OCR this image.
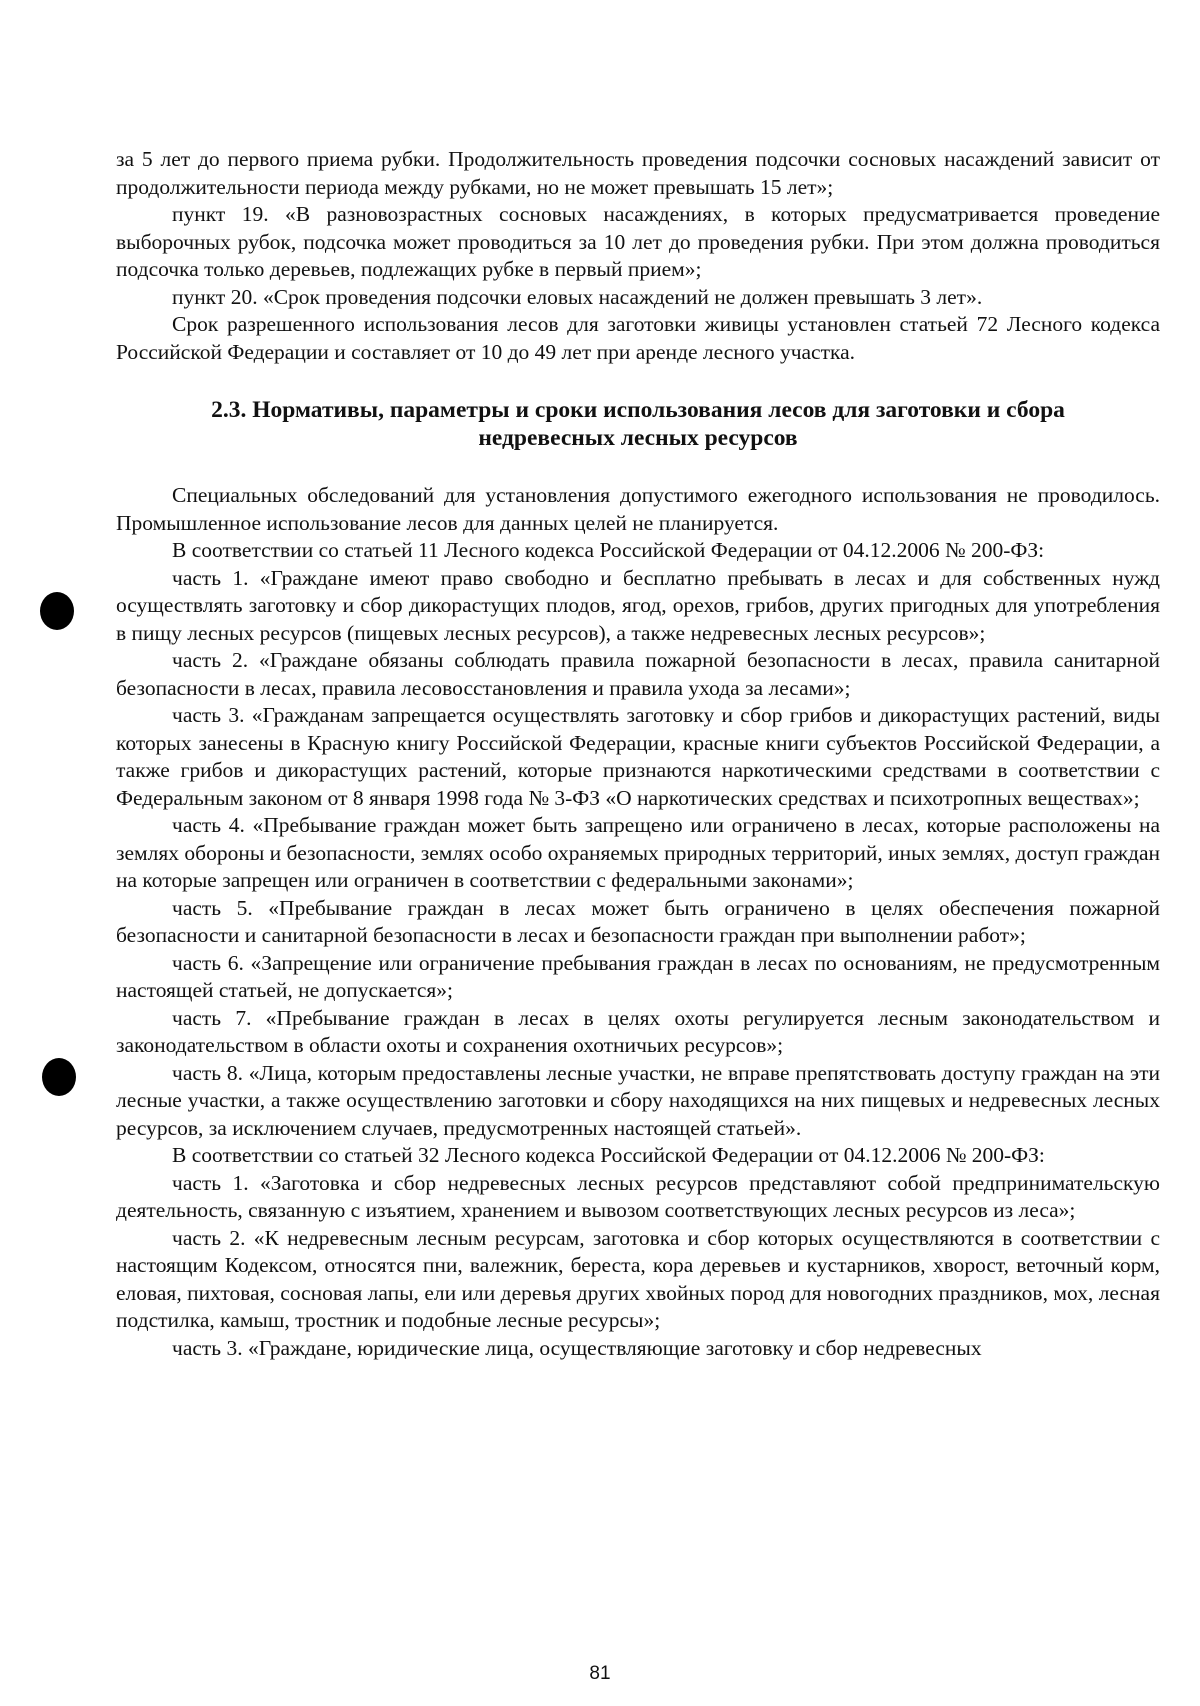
за 5 лет до первого приема рубки. Продолжительность проведения подсочки сосновых насаждений зависит от продолжительности периода между рубками, но не может превышать 15 лет»;

пункт 19. «В разновозрастных сосновых насаждениях, в которых предусматривается проведение выборочных рубок, подсочка может проводиться за 10 лет до проведения рубки. При этом должна проводиться подсочка только деревьев, подлежащих рубке в первый прием»;

пункт 20. «Срок проведения подсочки еловых насаждений не должен превышать 3 лет».

Срок разрешенного использования лесов для заготовки живицы установлен статьей 72 Лесного кодекса Российской Федерации и составляет от 10 до 49 лет при аренде лесного участка.

2.3. Нормативы, параметры и сроки использования лесов для заготовки и сбора
недревесных лесных ресурсов

Специальных обследований для установления допустимого ежегодного использования не проводилось. Промышленное использование лесов для данных целей не планируется.

В соответствии со статьей 11 Лесного кодекса Российской Федерации от 04.12.2006 № 200-ФЗ:

часть 1. «Граждане имеют право свободно и бесплатно пребывать в лесах и для собственных нужд осуществлять заготовку и сбор дикорастущих плодов, ягод, орехов, грибов, других пригодных для употребления в пищу лесных ресурсов (пищевых лесных ресурсов), а также недревесных лесных ресурсов»;

часть 2. «Граждане обязаны соблюдать правила пожарной безопасности в лесах, правила санитарной безопасности в лесах, правила лесовосстановления и правила ухода за лесами»;

часть 3. «Гражданам запрещается осуществлять заготовку и сбор грибов и дикорастущих растений, виды которых занесены в Красную книгу Российской Федерации, красные книги субъектов Российской Федерации, а также грибов и дикорастущих растений, которые признаются наркотическими средствами в соответствии с Федеральным законом от 8 января 1998 года № 3-ФЗ «О наркотических средствах и психотропных веществах»;

часть 4. «Пребывание граждан может быть запрещено или ограничено в лесах, которые расположены на землях обороны и безопасности, землях особо охраняемых природных территорий, иных землях, доступ граждан на которые запрещен или ограничен в соответствии с федеральными законами»;

часть 5. «Пребывание граждан в лесах может быть ограничено в целях обеспечения пожарной безопасности и санитарной безопасности в лесах и безопасности граждан при выполнении работ»;

часть 6. «Запрещение или ограничение пребывания граждан в лесах по основаниям, не предусмотренным настоящей статьей, не допускается»;

часть 7. «Пребывание граждан в лесах в целях охоты регулируется лесным законодательством и законодательством в области охоты и сохранения охотничьих ресурсов»;

часть 8. «Лица, которым предоставлены лесные участки, не вправе препятствовать доступу граждан на эти лесные участки, а также осуществлению заготовки и сбору находящихся на них пищевых и недревесных лесных ресурсов, за исключением случаев, предусмотренных настоящей статьей».

В соответствии со статьей 32 Лесного кодекса Российской Федерации от 04.12.2006 № 200-ФЗ:

часть 1. «Заготовка и сбор недревесных лесных ресурсов представляют собой предпринимательскую деятельность, связанную с изъятием, хранением и вывозом соответствующих лесных ресурсов из леса»;

часть 2. «К недревесным лесным ресурсам, заготовка и сбор которых осуществляются в соответствии с настоящим Кодексом, относятся пни, валежник, береста, кора деревьев и кустарников, хворост, веточный корм, еловая, пихтовая, сосновая лапы, ели или деревья других хвойных пород для новогодних праздников, мох, лесная подстилка, камыш, тростник и подобные лесные ресурсы»;

часть 3. «Граждане, юридические лица, осуществляющие заготовку и сбор недревесных

81
